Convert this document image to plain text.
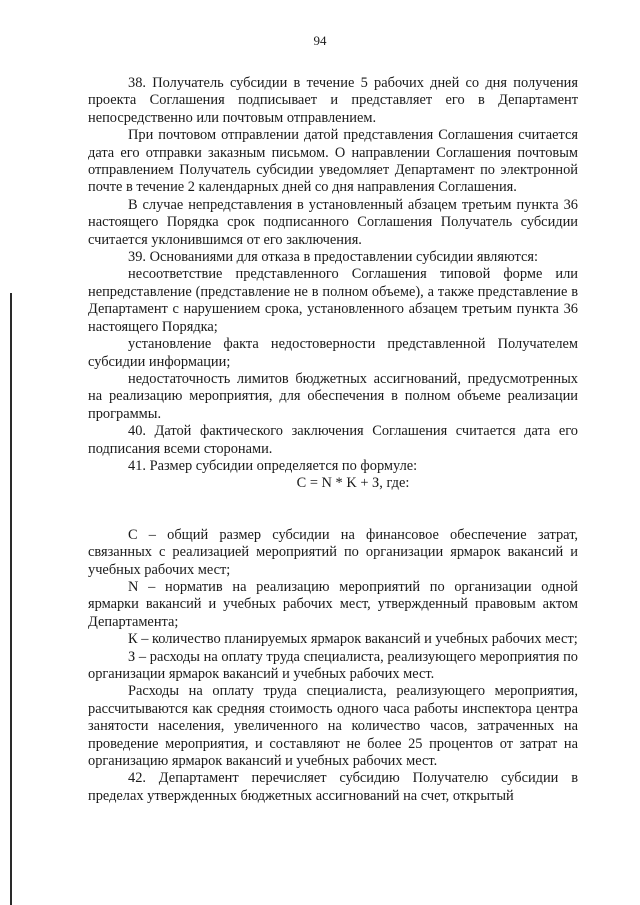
94

38. Получатель субсидии в течение 5 рабочих дней со дня получения проекта Соглашения подписывает и представляет его в Департамент непосредственно или почтовым отправлением.

При почтовом отправлении датой представления Соглашения считается дата его отправки заказным письмом. О направлении Соглашения почтовым отправлением Получатель субсидии уведомляет Департамент по электронной почте в течение 2 календарных дней со дня направления Соглашения.

В случае непредставления в установленный абзацем третьим пункта 36 настоящего Порядка срок подписанного Соглашения Получатель субсидии считается уклонившимся от его заключения.

39. Основаниями для отказа в предоставлении субсидии являются:

несоответствие представленного Соглашения типовой форме или непредставление (представление не в полном объеме), а также представление в Департамент с нарушением срока, установленного абзацем третьим пункта 36 настоящего Порядка;

установление факта недостоверности представленной Получателем субсидии информации;

недостаточность лимитов бюджетных ассигнований, предусмотренных на реализацию мероприятия, для обеспечения в полном объеме реализации программы.

40. Датой фактического заключения Соглашения считается дата его подписания всеми сторонами.

41. Размер субсидии определяется по формуле:

C = N * K + З, где:

С – общий размер субсидии на финансовое обеспечение затрат, связанных с реализацией мероприятий по организации ярмарок вакансий и учебных рабочих мест;

N – норматив на реализацию мероприятий по организации одной ярмарки вакансий и учебных рабочих мест, утвержденный правовым актом Департамента;

К – количество планируемых ярмарок вакансий и учебных рабочих мест;

З – расходы на оплату труда специалиста, реализующего мероприятия по организации ярмарок вакансий и учебных рабочих мест.

Расходы на оплату труда специалиста, реализующего мероприятия, рассчитываются как средняя стоимость одного часа работы инспектора центра занятости населения, увеличенного на количество часов, затраченных на проведение мероприятия, и составляют не более 25 процентов от затрат на организацию ярмарок вакансий и учебных рабочих мест.

42. Департамент перечисляет субсидию Получателю субсидии в пределах утвержденных бюджетных ассигнований на счет, открытый
